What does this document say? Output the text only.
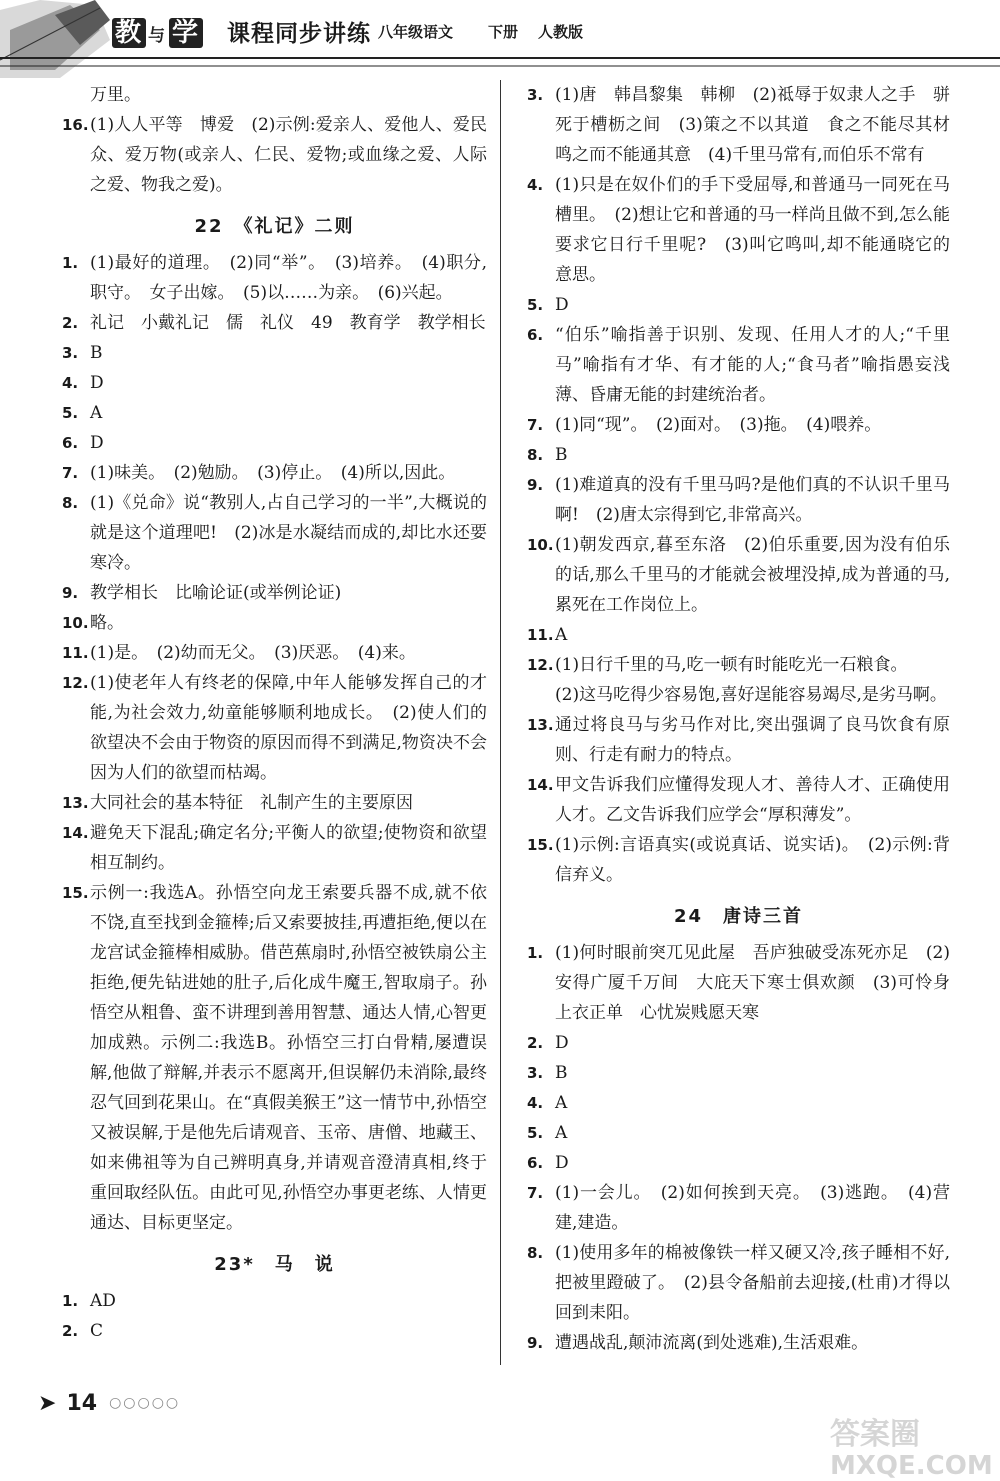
教 与 学 课程同步讲练 八年级语文 下册 人教版
万里。
16. (1)人人平等　博爱　(2)示例:爱亲人、爱他人、爱民众、爱万物(或亲人、仁民、爱物;或血缘之爱、人际之爱、物我之爱)。
22　《礼记》二则
1. (1)最好的道理。　(2)同“举”。　(3)培养。　(4)职分,职守。　女子出嫁。　(5)以……为亲。　(6)兴起。
2. 礼记　小戴礼记　儒　礼仪　49　教育学　教学相长
3. B
4. D
5. A
6. D
7. (1)味美。　(2)勉励。　(3)停止。　(4)所以,因此。
8. (1)《兑命》说“教别人,占自己学习的一半”,大概说的就是这个道理吧!　(2)冰是水凝结而成的,却比水还要寒冷。
9. 教学相长　比喻论证(或举例论证)
10. 略。
11. (1)是。　(2)幼而无父。　(3)厌恶。　(4)来。
12. (1)使老年人有终老的保障,中年人能够发挥自己的才能,为社会效力,幼童能够顺利地成长。　(2)使人们的欲望决不会由于物资的原因而得不到满足,物资决不会因为人们的欲望而枯竭。
13. 大同社会的基本特征　礼制产生的主要原因
14. 避免天下混乱;确定名分;平衡人的欲望;使物资和欲望相互制约。
15. 示例一:我选A。孙悟空向龙王索要兵器不成,就不依不饶,直至找到金箍棒;后又索要披挂,再遭拒绝,便以在龙宫试金箍棒相威胁。借芭蕉扇时,孙悟空被铁扇公主拒绝,便先钻进她的肚子,后化成牛魔王,智取扇子。孙悟空从粗鲁、蛮不讲理到善用智慧、通达人情,心智更加成熟。示例二:我选B。孙悟空三打白骨精,屡遭误解,他做了辩解,并表示不愿离开,但误解仍未消除,最终忍气回到花果山。在“真假美猴王”这一情节中,孙悟空又被误解,于是他先后请观音、玉帝、唐僧、地藏王、如来佛祖等为自己辨明真身,并请观音澄清真相,终于重回取经队伍。由此可见,孙悟空办事更老练、人情更通达、目标更坚定。
23*　马　说
1. AD
2. C
3. (1)唐　韩昌黎集　韩柳　(2)祗辱于奴隶人之手　骈死于槽枥之间　(3)策之不以其道　食之不能尽其材　鸣之而不能通其意　(4)千里马常有,而伯乐不常有
4. (1)只是在奴仆们的手下受屈辱,和普通马一同死在马槽里。　(2)想让它和普通的马一样尚且做不到,怎么能要求它日行千里呢?　(3)叫它鸣叫,却不能通晓它的意思。
5. D
6. “伯乐”喻指善于识别、发现、任用人才的人;“千里马”喻指有才华、有才能的人;“食马者”喻指愚妄浅薄、昏庸无能的封建统治者。
7. (1)同“现”。　(2)面对。　(3)拖。　(4)喂养。
8. B
9. (1)难道真的没有千里马吗?是他们真的不认识千里马啊!　(2)唐太宗得到它,非常高兴。
10. (1)朝发西京,暮至东洛　(2)伯乐重要,因为没有伯乐的话,那么千里马的才能就会被埋没掉,成为普通的马,累死在工作岗位上。
11. A
12. (1)日行千里的马,吃一顿有时能吃光一石粮食。
(2)这马吃得少容易饱,喜好逞能容易竭尽,是劣马啊。
13. 通过将良马与劣马作对比,突出强调了良马饮食有原则、行走有耐力的特点。
14. 甲文告诉我们应懂得发现人才、善待人才、正确使用人才。乙文告诉我们应学会“厚积薄发”。
15. (1)示例:言语真实(或说真话、说实话)。　(2)示例:背信弃义。
24　唐诗三首
1. (1)何时眼前突兀见此屋　吾庐独破受冻死亦足　(2)安得广厦千万间　大庇天下寒士俱欢颜　(3)可怜身上衣正单　心忧炭贱愿天寒
2. D
3. B
4. A
5. A
6. D
7. (1)一会儿。　(2)如何挨到天亮。　(3)逃跑。　(4)营建,建造。
8. (1)使用多年的棉被像铁一样又硬又冷,孩子睡相不好,把被里蹬破了。　(2)县令备船前去迎接,(杜甫)才得以回到耒阳。
9. 遭遇战乱,颠沛流离(到处逃难),生活艰难。
➤ 14 ○○○○○
答案圈
MXQE.COM
